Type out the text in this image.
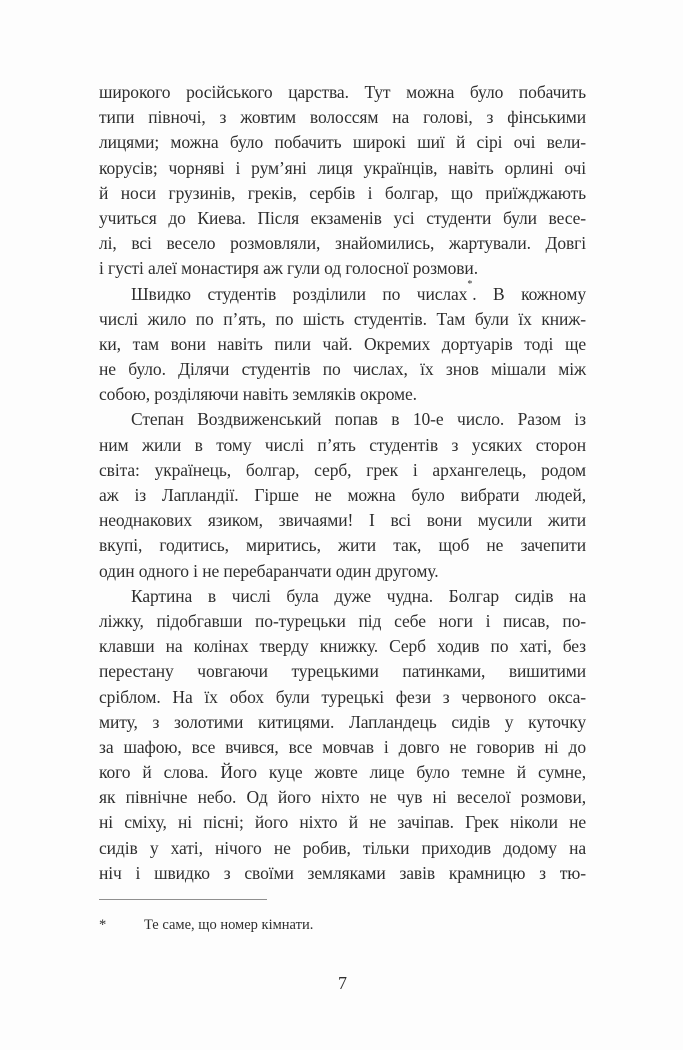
широкого російського царства. Тут можна було побачить
типи півночі, з жовтим волоссям на голові, з фінськими
лицями; можна було побачить широкі шиї й сірі очі вели-
корусів; чорняві і рум’яні лиця українців, навіть орлині очі
й носи грузинів, греків, сербів і болгар, що приїжджають
учиться до Киева. Після екзаменів усі студенти були весе-
лі, всі весело розмовляли, знайомились, жартували. Довгі
і густі алеї монастиря аж гули од голосної розмови.
Швидко студентів розділили по числах*. В кожному
числі жило по п’ять, по шість студентів. Там були їх книж-
ки, там вони навіть пили чай. Окремих дортуарів тоді ще
не було. Ділячи студентів по числах, їх знов мішали між
собою, розділяючи навіть земляків окроме.
Степан Воздвиженський попав в 10-е число. Разом із
ним жили в тому числі п’ять студентів з усяких сторон
світа: українець, болгар, серб, грек і архангелець, родом
аж із Лапландії. Гірше не можна було вибрати людей,
неоднакових язиком, звичаями! І всі вони мусили жити
вкупі, годитись, миритись, жити так, щоб не зачепити
один одного і не перебаранчати один другому.
Картина в числі була дуже чудна. Болгар сидів на
ліжку, підобгавши по-турецьки під себе ноги і писав, по-
клавши на колінах тверду книжку. Серб ходив по хаті, без
перестану човгаючи турецькими патинками, вишитими
сріблом. На їх обох були турецькі фези з червоного окса-
миту, з золотими китицями. Лапландець сидів у куточку
за шафою, все вчився, все мовчав і довго не говорив ні до
кого й слова. Його куце жовте лице було темне й сумне,
як північне небо. Од його ніхто не чув ні веселої розмови,
ні сміху, ні пісні; його ніхто й не зачіпав. Грек ніколи не
сидів у хаті, нічого не робив, тільки приходив додому на
ніч і швидко з своїми земляками завів крамницю з тю-
*	Те саме, що номер кімнати.
7
